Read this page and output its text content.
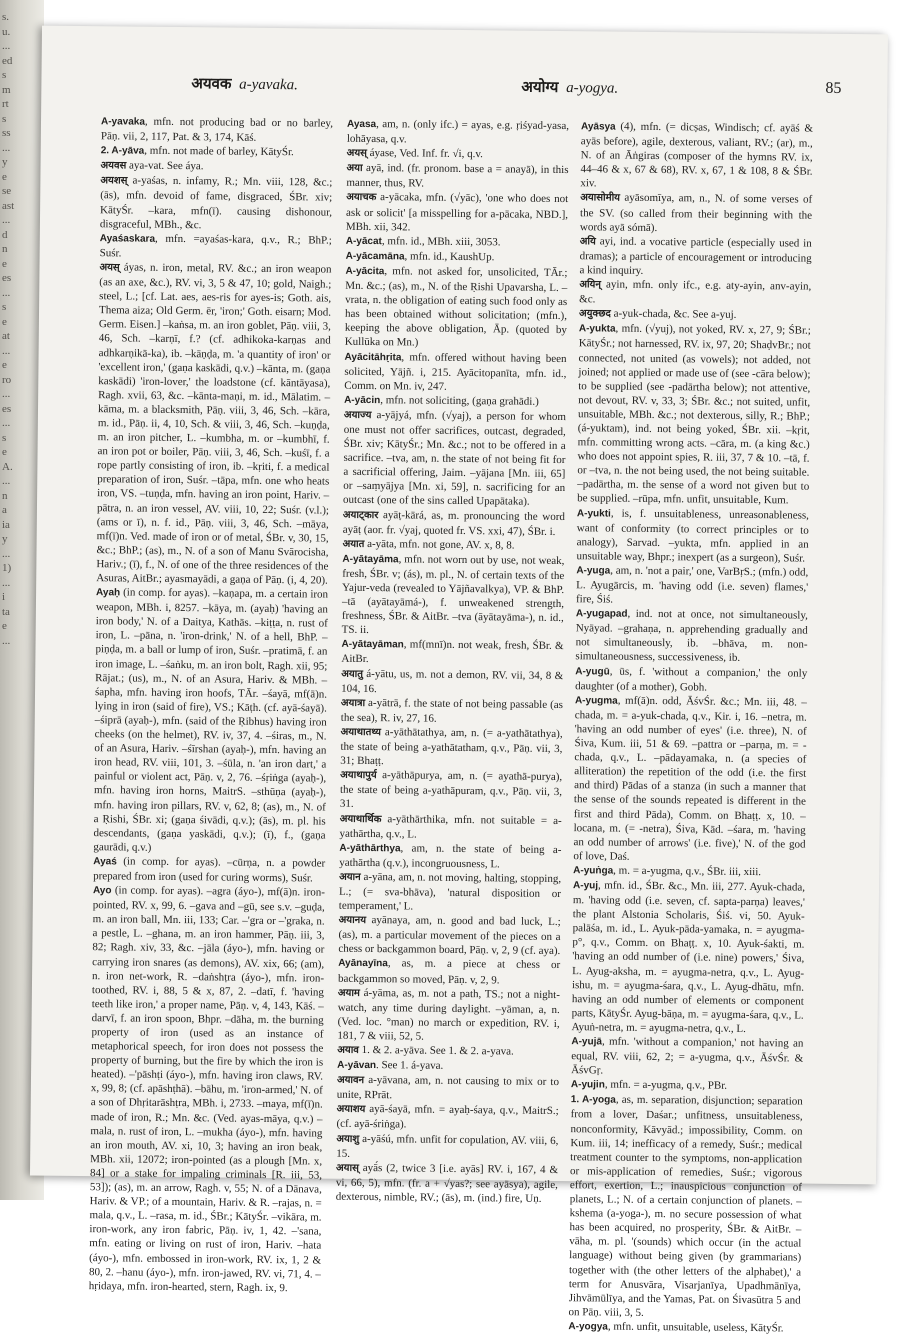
s.
u.
...
ed
s
m
rt
s
ss
...
y
e
se
ast
...
d
n
e
es
...
s
e
at
...
e
ro
...
es
...
s
e
A.
...
n
a
ia
y
...
1)
...
i
ta
e
...
अयवक a-yavaka.	अयोग्य a-yogya.	85

A-yavaka, mfn. not producing bad or no barley, Pāṇ. vii, 2, 117, Pat. & 3, 174, Kāś.

2. A-yāva, mfn. not made of barley, KātyŚr.

अयवस aya-vat. See áya.

अयशस् a-yaśas, n. infamy, R.; Mn. viii, 128, &c.; (ās), mfn. devoid of fame, disgraced, ŚBr. xiv; KātyŚr. –kara, mfn(ī). causing dishonour, disgraceful, MBh., &c.

Ayaśaskara, mfn. =ayaśas-kara, q.v., R.; BhP.; Suśr.

अयस् áyas, n. iron, metal, RV. &c.; an iron weapon (as an axe, &c.), RV. vi, 3, 5 & 47, 10; gold, Naigh.; steel, L.; [cf. Lat. aes, aes-ris for ayes-is; Goth. ais, Thema aiza; Old Germ. ēr, 'iron;' Goth. eisarn; Mod. Germ. Eisen.] –kaṅsa, m. an iron goblet, Pāṇ. viii, 3, 46, Sch. –karṇī, f.? (cf. adhikoka-karṇas and adhkarṇikā-ka), ib. –kāṇḍa, m. 'a quantity of iron' or 'excellent iron,' (gaṇa kaskādi, q.v.) –kānta, m. (gaṇa kaskādi) 'iron-lover,' the loadstone (cf. kāntāyasa), Ragh. xvii, 63, &c. –kānta-maṇi, m. id., Mālatim. –kāma, m. a blacksmith, Pāṇ. viii, 3, 46, Sch. –kāra, m. id., Pāṇ. ii, 4, 10, Sch. & viii, 3, 46, Sch. –kuṇḍa, m. an iron pitcher, L. –kumbha, m. or –kumbhī, f. an iron pot or boiler, Pāṇ. viii, 3, 46, Sch. –kuśī, f. a rope partly consisting of iron, ib. –kṛiti, f. a medical preparation of iron, Suśr. –tāpa, mfn. one who heats iron, VS. –tuṇḍa, mfn. having an iron point, Hariv. –pātra, n. an iron vessel, AV. viii, 10, 22; Suśr. (v.l.); (ams or ī), n. f. id., Pāṇ. viii, 3, 46, Sch. –māya, mf(ī)n. Ved. made of iron or of metal, ŚBr. v, 30, 15, &c.; BhP.; (as), m., N. of a son of Manu Svārocisha, Hariv.; (ī), f., N. of one of the three residences of the Asuras, AitBr.; ayasmayādi, a gaṇa of Pāṇ. (i, 4, 20).

Ayaḥ (in comp. for ayas). –kaṇapa, m. a certain iron weapon, MBh. i, 8257. –kāya, m. (ayaḥ) 'having an iron body,' N. of a Daitya, Kathās. –kiṭṭa, n. rust of iron, L. –pāna, n. 'iron-drink,' N. of a hell, BhP. –piṇḍa, m. a ball or lump of iron, Suśr. –pratimā, f. an iron image, L. –śaṅku, m. an iron bolt, Ragh. xii, 95; Rājat.; (us), m., N. of an Asura, Hariv. & MBh. –śapha, mfn. having iron hoofs, TĀr. –śayā, mf(ā)n. lying in iron (said of fire), VS.; Kāṭh. (cf. ayā-śayā). –śiprā (ayaḥ-), mfn. (said of the Ṛibhus) having iron cheeks (on the helmet), RV. iv, 37, 4. –śiras, m., N. of an Asura, Hariv. –śīrshan (ayaḥ-), mfn. having an iron head, RV. viii, 101, 3. –śūla, n. 'an iron dart,' a painful or violent act, Pāṇ. v, 2, 76. –śṛiṅga (ayaḥ-), mfn. having iron horns, MaitrS. –sthūṇa (ayaḥ-), mfn. having iron pillars, RV. v, 62, 8; (as), m., N. of a Ṛishi, ŚBr. xi; (gaṇa śivādi, q.v.); (ās), m. pl. his descendants, (gaṇa yaskādi, q.v.); (ī), f., (gaṇa gaurādi, q.v.)

Ayaś (in comp. for ayas). –cūrṇa, n. a powder prepared from iron (used for curing worms), Suśr.

Ayo (in comp. for ayas). –agra (áyo-), mf(ā)n. iron-pointed, RV. x, 99, 6. –gava and –gū, see s.v. –guḍa, m. an iron ball, Mn. iii, 133; Car. –'gra or –'graka, n. a pestle, L. –ghana, m. an iron hammer, Pāṇ. iii, 3, 82; Ragh. xiv, 33, &c. –jāla (áyo-), mfn. having or carrying iron snares (as demons), AV. xix, 66; (am), n. iron net-work, R. –daṅshṭra (áyo-), mfn. iron-toothed, RV. i, 88, 5 & x, 87, 2. –datī, f. 'having teeth like iron,' a proper name, Pāṇ. v, 4, 143, Kāś. –darvī, f. an iron spoon, Bhpr. –dāha, m. the burning property of iron (used as an instance of metaphorical speech, for iron does not possess the property of burning, but the fire by which the iron is heated). –'pāshṭi (áyo-), mfn. having iron claws, RV. x, 99, 8; (cf. apāshṭhā). –bāhu, m. 'iron-armed,' N. of a son of Dhṛitarāshṭra, MBh. i, 2733. –maya, mf(ī)n. made of iron, R.; Mn. &c. (Ved. ayas-māya, q.v.) –mala, n. rust of iron, L. –mukha (áyo-), mfn. having an iron mouth, AV. xi, 10, 3; having an iron beak, MBh. xii, 12072; iron-pointed (as a plough [Mn. x, 84] or a stake for impaling criminals [R. iii, 53, 53]); (as), m. an arrow, Ragh. v, 55; N. of a Dānava, Hariv. & VP.; of a mountain, Hariv. & R. –rajas, n. = mala, q.v., L. –rasa, m. id., ŚBr.; KātyŚr. –vikāra, m. iron-work, any iron fabric, Pāṇ. iv, 1, 42. –'sana, mfn. eating or living on rust of iron, Hariv. –hata (áyo-), mfn. embossed in iron-work, RV. ix, 1, 2 & 80, 2. –hanu (áyo-), mfn. iron-jawed, RV. vi, 71, 4. –hṛidaya, mfn. iron-hearted, stern, Ragh. ix, 9.

Ayasa, am, n. (only ifc.) = ayas, e.g. ṛiśyad-yasa, lohāyasa, q.v.

अयस् áyase, Ved. Inf. fr. √i, q.v.

अया ayā, ind. (fr. pronom. base a = anayā), in this manner, thus, RV.

अयाचक a-yācaka, mfn. (√yāc), 'one who does not ask or solicit' [a misspelling for a-pācaka, NBD.], MBh. xii, 342.

A-yācat, mfn. id., MBh. xiii, 3053.

A-yācamāna, mfn. id., KaushUp.

A-yācita, mfn. not asked for, unsolicited, TĀr.; Mn. &c.; (as), m., N. of the Ṛishi Upavarsha, L. –vrata, n. the obligation of eating such food only as has been obtained without solicitation; (mfn.), keeping the above obligation, Āp. (quoted by Kullūka on Mn.)

Ayācitāhṛita, mfn. offered without having been solicited, Yājñ. i, 215. Ayācitopanīta, mfn. id., Comm. on Mn. iv, 247.

A-yācin, mfn. not soliciting, (gaṇa grahādi.)

अयाज्य a-yājyá, mfn. (√yaj), a person for whom one must not offer sacrifices, outcast, degraded, ŚBr. xiv; KātyŚr.; Mn. &c.; not to be offered in a sacrifice. –tva, am, n. the state of not being fit for a sacrificial offering, Jaim. –yājana [Mn. iii, 65] or –saṃyājya [Mn. xi, 59], n. sacrificing for an outcast (one of the sins called Upapātaka).

अयाट्कार ayāṭ-kārá, as, m. pronouncing the word ayāṭ (aor. fr. √yaj, quoted fr. VS. xxi, 47), ŚBr. i.

अयात a-yāta, mfn. not gone, AV. x, 8, 8.

A-yātayāma, mfn. not worn out by use, not weak, fresh, ŚBr. v; (ás), m. pl., N. of certain texts of the Yajur-veda (revealed to Yājñavalkya), VP. & BhP. –tā (ayātayāmá-), f. unweakened strength, freshness, ŚBr. & AitBr. –tva (āyātayāma-), n. id., TS. ii.

A-yātayāman, mf(mnī)n. not weak, fresh, ŚBr. & AitBr.

अयातु á-yātu, us, m. not a demon, RV. vii, 34, 8 & 104, 16.

अयात्रा a-yātrā, f. the state of not being passable (as the sea), R. iv, 27, 16.

अयाथातथ्य a-yāthātathya, am, n. (= a-yathātathya), the state of being a-yathātatham, q.v., Pāṇ. vii, 3, 31; Bhaṭṭ.

अयाथापुर्य a-yāthāpurya, am, n. (= ayathā-purya), the state of being a-yathāpuram, q.v., Pāṇ. vii, 3, 31.

अयाथार्थिक a-yāthārthika, mfn. not suitable = a-yathārtha, q.v., L.

A-yāthārthya, am, n. the state of being a-yathārtha (q.v.), incongruousness, L.

अयान a-yāna, am, n. not moving, halting, stopping, L.; (= sva-bhāva), 'natural disposition or temperament,' L.

अयानय ayānaya, am, n. good and bad luck, L.; (as), m. a particular movement of the pieces on a chess or backgammon board, Pāṇ. v, 2, 9 (cf. aya).

Ayānayīna, as, m. a piece at chess or backgammon so moved, Pāṇ. v, 2, 9.

अयाम á-yāma, as, m. not a path, TS.; not a night-watch, any time during daylight. –yāman, a, n. (Ved. loc. °man) no march or expedition, RV. i, 181, 7 & viii, 52, 5.

अयाव 1. & 2. a-yāva. See 1. & 2. a-yava.

A-yāvan. See 1. á-yava.

अयावन a-yāvana, am, n. not causing to mix or to unite, RPrāt.

अयाशय ayā-śayā, mfn. = ayaḥ-śaya, q.v., MaitrS.; (cf. ayā-śriṅga).

अयाशु a-yāśú, mfn. unfit for copulation, AV. viii, 6, 15.

अयास् ayā́s (2, twice 3 [i.e. ayās] RV. i, 167, 4 & vi, 66, 5), mfn. (fr. a + √yas?; see ayāsya), agile, dexterous, nimble, RV.; (ās), m. (ind.) fire, Uṇ.

Ayāsya (4), mfn. (= dicṣas, Windisch; cf. ayāś & ayās before), agile, dexterous, valiant, RV.; (ar), m., N. of an Āṅgiras (composer of the hymns RV. ix, 44–46 & x, 67 & 68), RV. x, 67, 1 & 108, 8 & ŚBr. xiv.

अयासोमीय ayāsomīya, am, n., N. of some verses of the SV. (so called from their beginning with the words ayā sómā).

अयि ayi, ind. a vocative particle (especially used in dramas); a particle of encouragement or introducing a kind inquiry.

अयिन् ayin, mfn. only ifc., e.g. aty-ayin, anv-ayin, &c.

अयुक्छद a-yuk-chada, &c. See a-yuj.

A-yukta, mfn. (√yuj), not yoked, RV. x, 27, 9; ŚBr.; KātyŚr.; not harnessed, RV. ix, 97, 20; ShaḍvBr.; not connected, not united (as vowels); not added, not joined; not applied or made use of (see -cāra below); to be supplied (see -padārtha below); not attentive, not devout, RV. v, 33, 3; ŚBr. &c.; not suited, unfit, unsuitable, MBh. &c.; not dexterous, silly, R.; BhP.; (á-yuktam), ind. not being yoked, ŚBr. xii. –kṛit, mfn. committing wrong acts. –cāra, m. (a king &c.) who does not appoint spies, R. iii, 37, 7 & 10. –tā, f. or –tva, n. the not being used, the not being suitable. –padārtha, m. the sense of a word not given but to be supplied. –rūpa, mfn. unfit, unsuitable, Kum.

A-yukti, is, f. unsuitableness, unreasonableness, want of conformity (to correct principles or to analogy), Sarvad. –yukta, mfn. applied in an unsuitable way, Bhpr.; inexpert (as a surgeon), Suśr.

A-yuga, am, n. 'not a pair,' one, VarBṛS.; (mfn.) odd, L. Ayugārcis, m. 'having odd (i.e. seven) flames,' fire, Śiś.

A-yugapad, ind. not at once, not simultaneously, Nyāyad. –grahaṇa, n. apprehending gradually and not simultaneously, ib. –bhāva, m. non-simultaneousness, successiveness, ib.

A-yugū, ūs, f. 'without a companion,' the only daughter (of a mother), Gobh.

A-yugma, mf(ā)n. odd, ĀśvŚr. &c.; Mn. iii, 48. –chada, m. = a-yuk-chada, q.v., Kir. i, 16. –netra, m. 'having an odd number of eyes' (i.e. three), N. of Śiva, Kum. iii, 51 & 69. –pattra or –parṇa, m. = -chada, q.v., L. –pādayamaka, n. (a species of alliteration) the repetition of the odd (i.e. the first and third) Pādas of a stanza (in such a manner that the sense of the sounds repeated is different in the first and third Pāda), Comm. on Bhaṭṭ. x, 10. –locana, m. (= -netra), Śiva, Kād. –śara, m. 'having an odd number of arrows' (i.e. five),' N. of the god of love, Daś.

A-yuṅga, m. = a-yugma, q.v., ŚBr. iii, xiii.

A-yuj, mfn. id., ŚBr. &c., Mn. iii, 277. Ayuk-chada, m. 'having odd (i.e. seven, cf. sapta-parṇa) leaves,' the plant Alstonia Scholaris, Śiś. vi, 50. Ayuk-palāśa, m. id., L. Ayuk-pāda-yamaka, n. = ayugma-p°, q.v., Comm. on Bhaṭṭ. x, 10. Ayuk-śakti, m. 'having an odd number of (i.e. nine) powers,' Śiva, L. Ayug-aksha, m. = ayugma-netra, q.v., L. Ayug-ishu, m. = ayugma-śara, q.v., L. Ayug-dhātu, mfn. having an odd number of elements or component parts, KātyŚr. Ayug-bāṇa, m. = ayugma-śara, q.v., L. Ayuṅ-netra, m. = ayugma-netra, q.v., L.

A-yujā, mfn. 'without a companion,' not having an equal, RV. viii, 62, 2; = a-yugma, q.v., ĀśvŚr. & ĀśvGṛ.

A-yujin, mfn. = a-yugma, q.v., PBr.

1. A-yoga, as, m. separation, disjunction; separation from a lover, Daśar.; unfitness, unsuitableness, nonconformity, Kāvyād.; impossibility, Comm. on Kum. iii, 14; inefficacy of a remedy, Suśr.; medical treatment counter to the symptoms, non-application or mis-application of remedies, Suśr.; vigorous effort, exertion, L.; inauspicious conjunction of planets, L.; N. of a certain conjunction of planets. –kshema (a-yoga-), m. no secure possession of what has been acquired, no prosperity, ŚBr. & AitBr. –vāha, m. pl. '(sounds) which occur (in the actual language) without being given (by grammarians) together with (the other letters of the alphabet),' a term for Anusvāra, Visarjanīya, Upadhmānīya, Jihvāmūlīya, and the Yamas, Pat. on Śivasūtra 5 and on Pāṇ. viii, 3, 5.

A-yogya, mfn. unfit, unsuitable, useless, KātyŚr.
